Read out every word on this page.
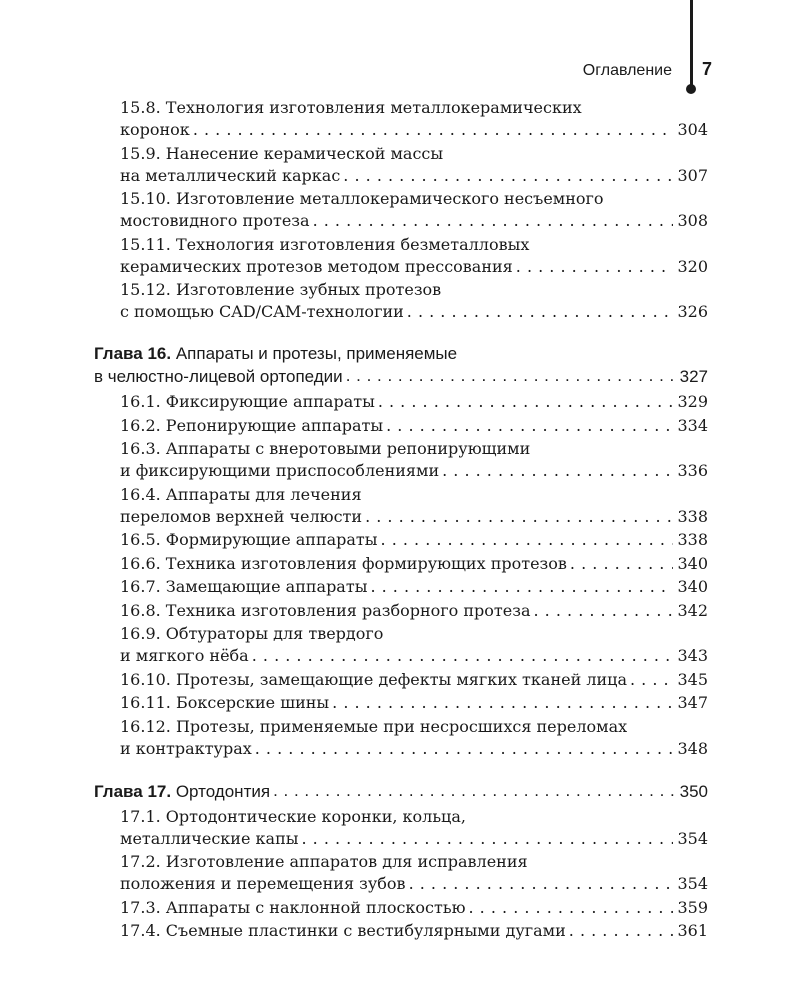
Оглавление 7
15.8. Технология изготовления металлокерамических
коронок . . .	304
15.9. Нанесение керамической массы
на металлический каркас . . .	307
15.10. Изготовление металлокерамического несъемного
мостовидного протеза . . .	308
15.11. Технология изготовления безметалловых
керамических протезов методом прессования . . .	320
15.12. Изготовление зубных протезов
с помощью CAD/CAM-технологии . . .	326
Глава 16. Аппараты и протезы, применяемые
в челюстно-лицевой ортопедии . . .	327
16.1. Фиксирующие аппараты . . .	329
16.2. Репонирующие аппараты . . .	334
16.3. Аппараты с внеротовыми репонирующими
и фиксирующими приспособлениями . . .	336
16.4. Аппараты для лечения
переломов верхней челюсти . . .	338
16.5. Формирующие аппараты . . .	338
16.6. Техника изготовления формирующих протезов . . .	340
16.7. Замещающие аппараты . . .	340
16.8. Техника изготовления разборного протеза . . .	342
16.9. Обтураторы для твердого
и мягкого нёба . . .	343
16.10. Протезы, замещающие дефекты мягких тканей лица . . .	345
16.11. Боксерские шины . . .	347
16.12. Протезы, применяемые при несросшихся переломах
и контрактурах . . .	348
Глава 17.
Ортодонтия . . .	350
17.1. Ортодонтические коронки, кольца,
металлические капы . . .	354
17.2. Изготовление аппаратов для исправления
положения и перемещения зубов . . .	354
17.3. Аппараты с наклонной плоскостью . . .	359
17.4. Съемные пластинки с вестибулярными дугами . . .	361
